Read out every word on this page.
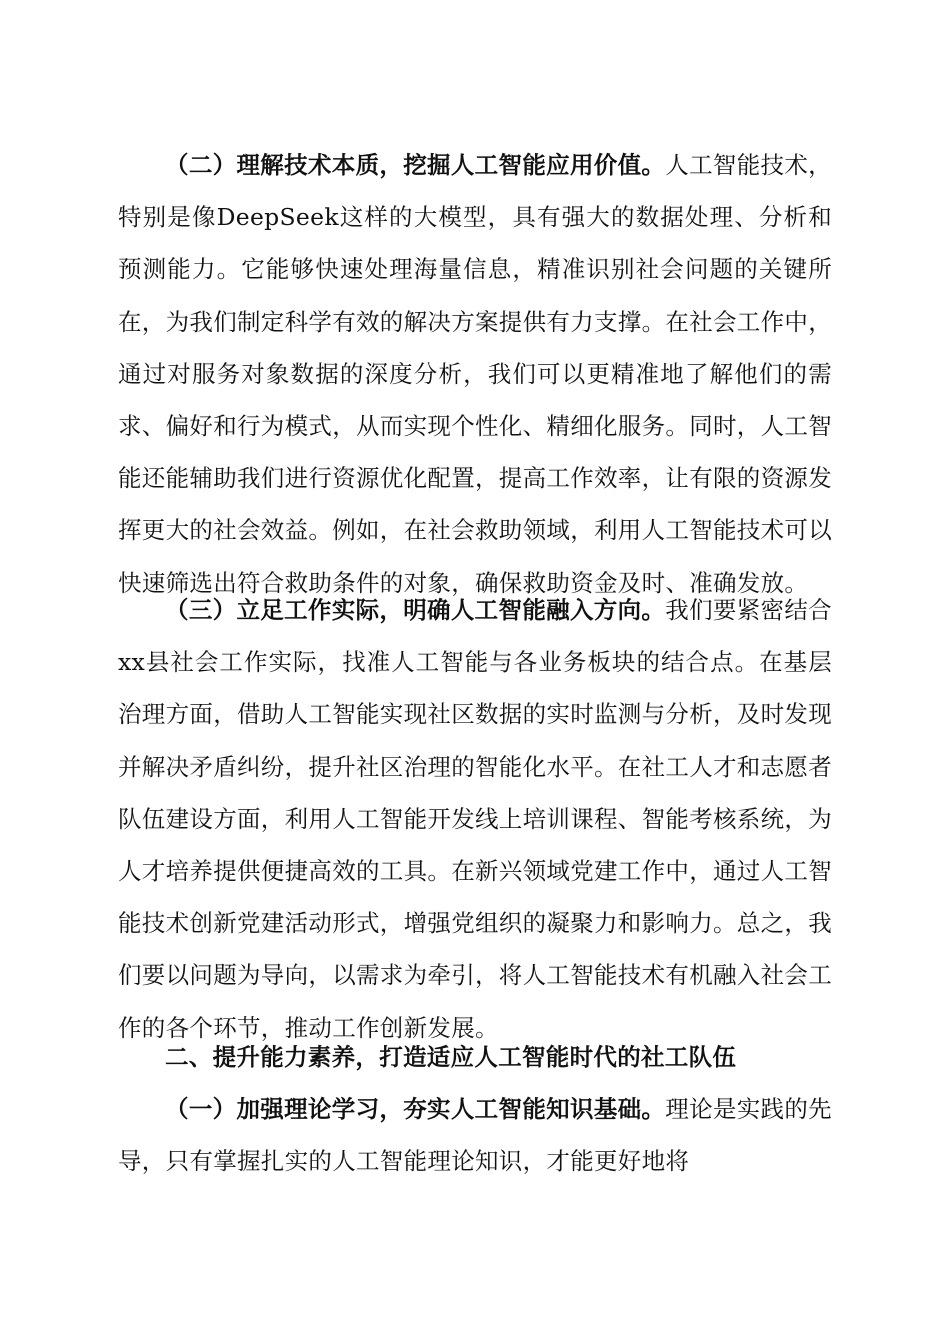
（二）理解技术本质，挖掘人工智能应用价值。人工智能技术，特别是像DeepSeek这样的大模型，具有强大的数据处理、分析和预测能力。它能够快速处理海量信息，精准识别社会问题的关键所在，为我们制定科学有效的解决方案提供有力支撑。在社会工作中，通过对服务对象数据的深度分析，我们可以更精准地了解他们的需求、偏好和行为模式，从而实现个性化、精细化服务。同时，人工智能还能辅助我们进行资源优化配置，提高工作效率，让有限的资源发挥更大的社会效益。例如，在社会救助领域，利用人工智能技术可以快速筛选出符合救助条件的对象，确保救助资金及时、准确发放。

（三）立足工作实际，明确人工智能融入方向。我们要紧密结合xx县社会工作实际，找准人工智能与各业务板块的结合点。在基层治理方面，借助人工智能实现社区数据的实时监测与分析，及时发现并解决矛盾纠纷，提升社区治理的智能化水平。在社工人才和志愿者队伍建设方面，利用人工智能开发线上培训课程、智能考核系统，为人才培养提供便捷高效的工具。在新兴领域党建工作中，通过人工智能技术创新党建活动形式，增强党组织的凝聚力和影响力。总之，我们要以问题为导向，以需求为牵引，将人工智能技术有机融入社会工作的各个环节，推动工作创新发展。

二、提升能力素养，打造适应人工智能时代的社工队伍

（一）加强理论学习，夯实人工智能知识基础。理论是实践的先导，只有掌握扎实的人工智能理论知识，才能更好地将
